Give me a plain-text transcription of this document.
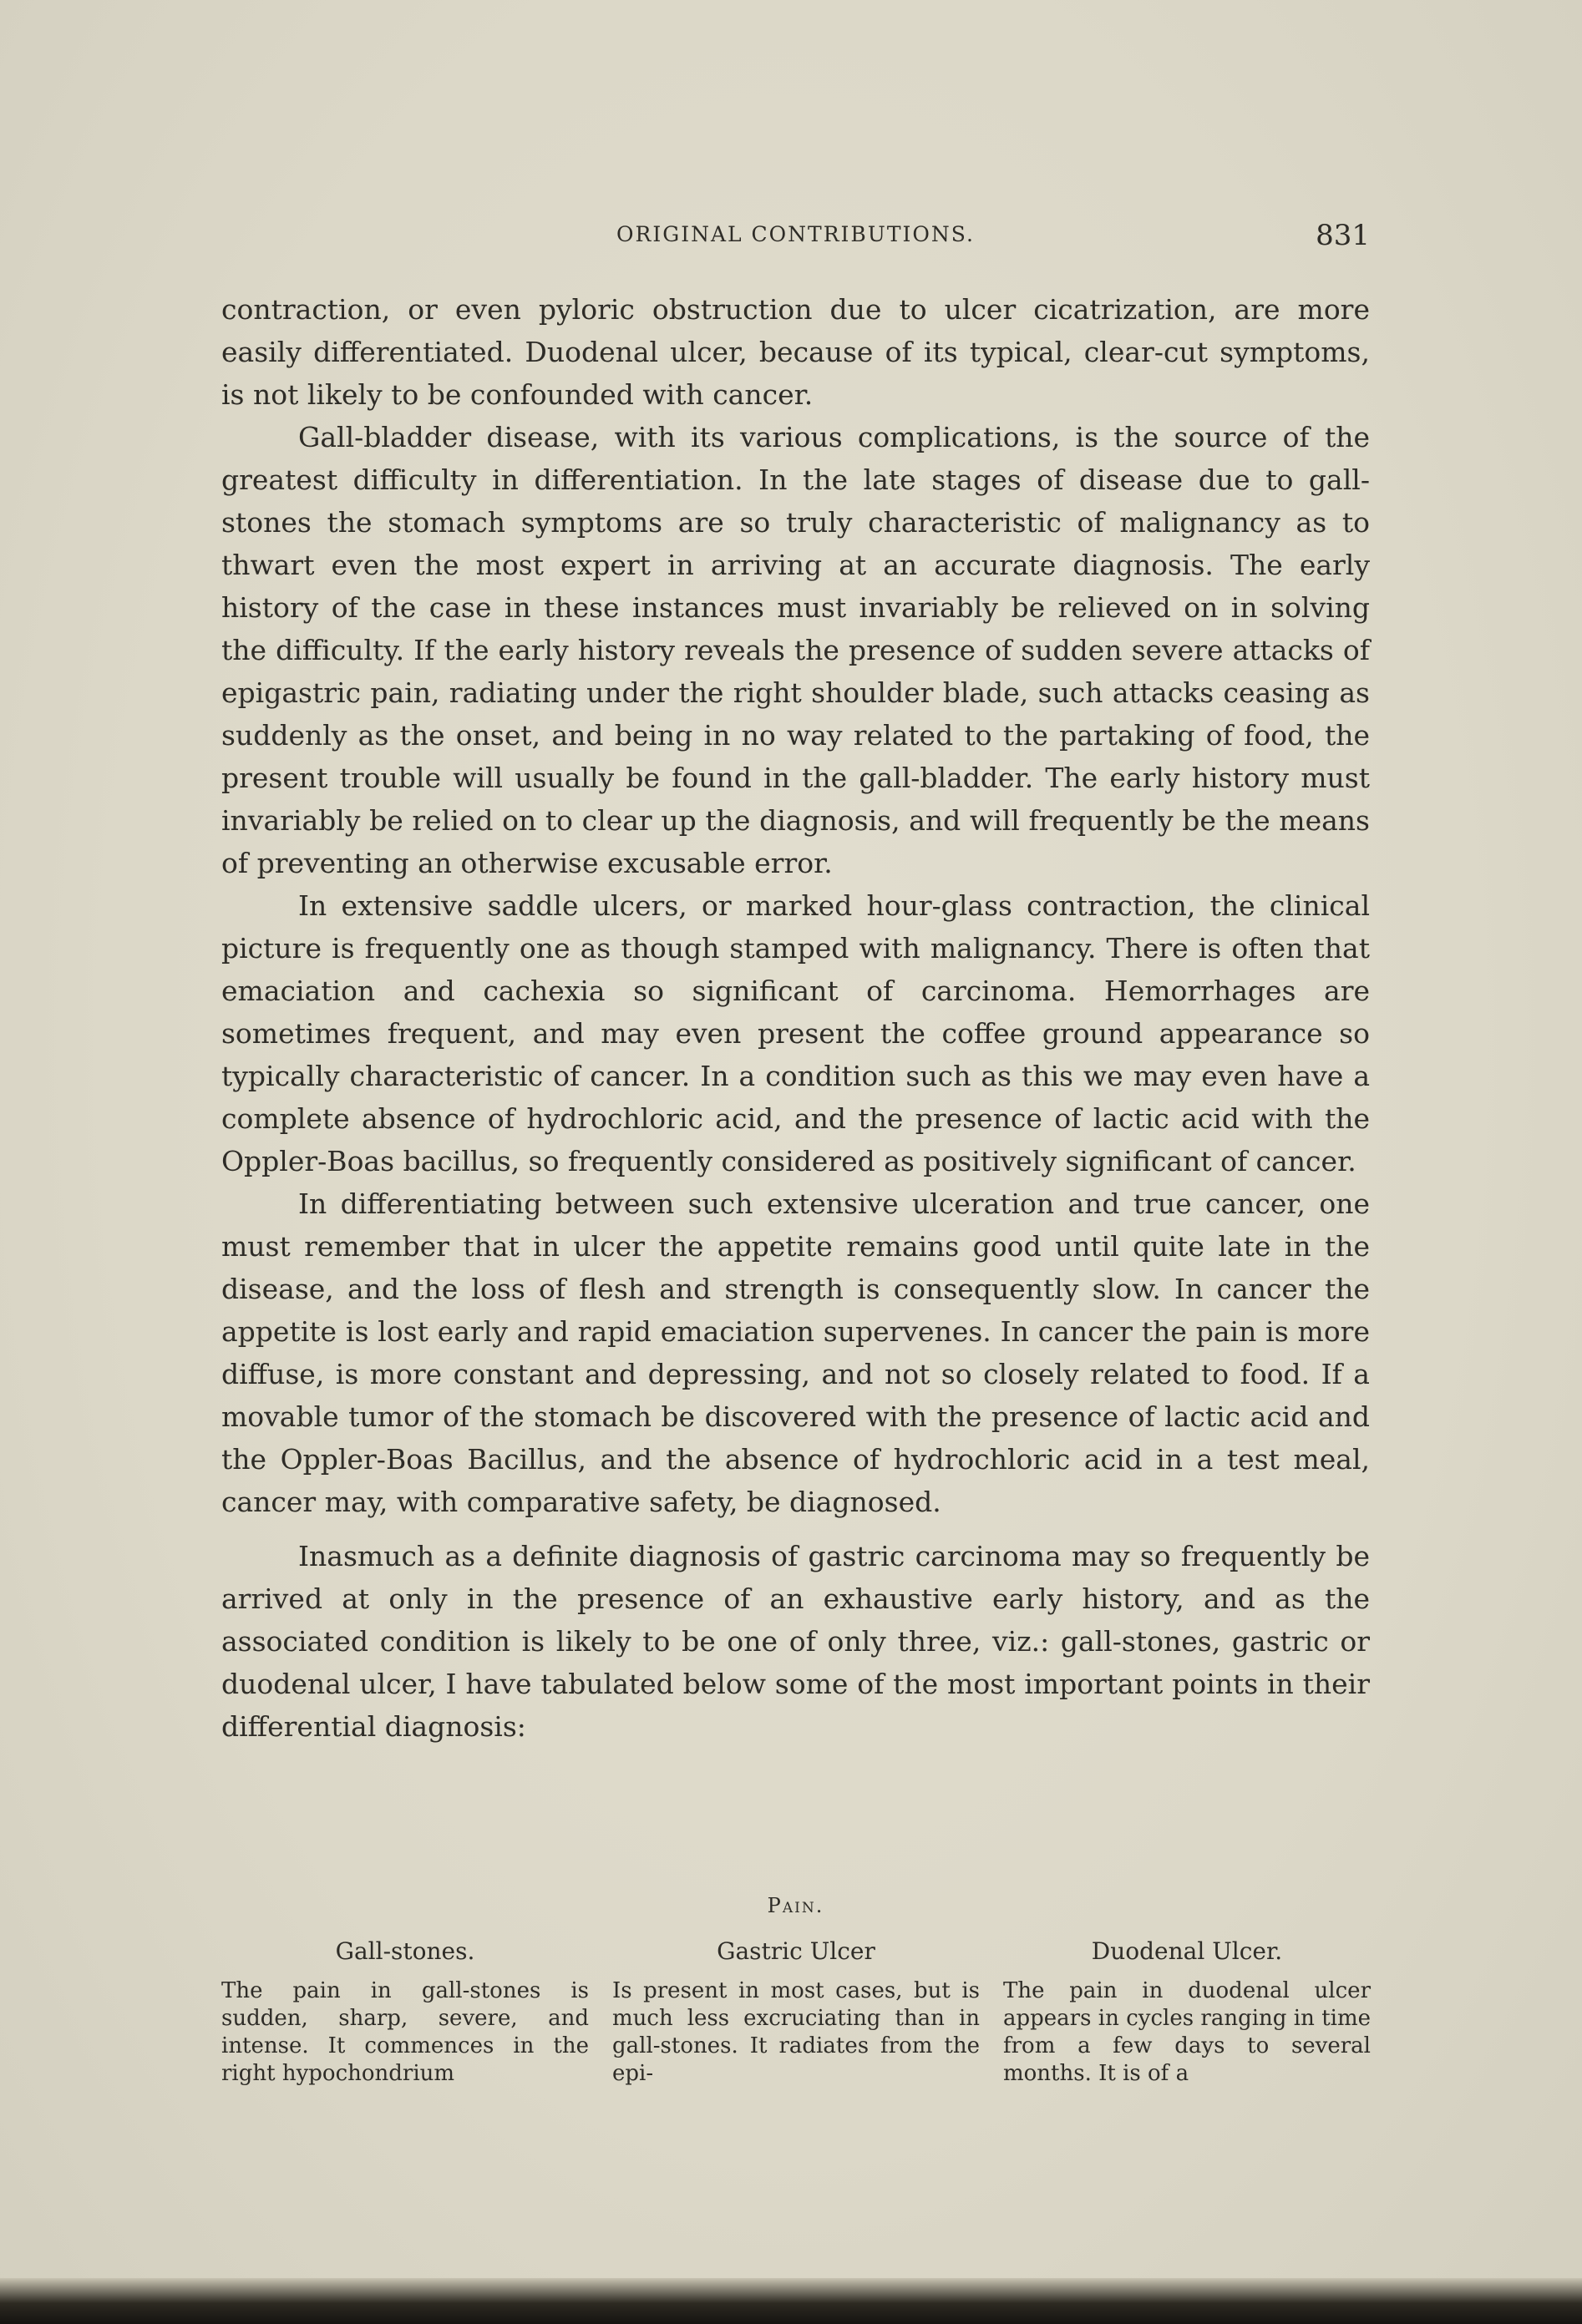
ORIGINAL CONTRIBUTIONS.	831

contraction, or even pyloric obstruction due to ulcer cicatrization, are more easily differentiated. Duodenal ulcer, because of its typical, clear-cut symptoms, is not likely to be confounded with cancer.

Gall-bladder disease, with its various complications, is the source of the greatest difficulty in differentiation. In the late stages of disease due to gall-stones the stomach symptoms are so truly characteristic of malignancy as to thwart even the most expert in arriving at an accurate diagnosis. The early history of the case in these instances must invariably be relieved on in solving the difficulty. If the early history reveals the presence of sudden severe attacks of epigastric pain, radiating under the right shoulder blade, such attacks ceasing as suddenly as the onset, and being in no way related to the partaking of food, the present trouble will usually be found in the gall-bladder. The early history must invariably be relied on to clear up the diagnosis, and will frequently be the means of preventing an otherwise excusable error.

In extensive saddle ulcers, or marked hour-glass contraction, the clinical picture is frequently one as though stamped with malignancy. There is often that emaciation and cachexia so significant of carcinoma. Hemorrhages are sometimes frequent, and may even present the coffee ground appearance so typically characteristic of cancer. In a condition such as this we may even have a complete absence of hydrochloric acid, and the presence of lactic acid with the Oppler-Boas bacillus, so frequently considered as positively significant of cancer.

In differentiating between such extensive ulceration and true cancer, one must remember that in ulcer the appetite remains good until quite late in the disease, and the loss of flesh and strength is consequently slow. In cancer the appetite is lost early and rapid emaciation supervenes. In cancer the pain is more diffuse, is more constant and depressing, and not so closely related to food. If a movable tumor of the stomach be discovered with the presence of lactic acid and the Oppler-Boas Bacillus, and the absence of hydrochloric acid in a test meal, cancer may, with comparative safety, be diagnosed.

Inasmuch as a definite diagnosis of gastric carcinoma may so frequently be arrived at only in the presence of an exhaustive early history, and as the associated condition is likely to be one of only three, viz.: gall-stones, gastric or duodenal ulcer, I have tabulated below some of the most important points in their differential diagnosis:

Pain.
Gall-stones.
The pain in gall-stones is sudden, sharp, severe, and intense. It commences in the right hypochondrium
Gastric Ulcer
Is present in most cases, but is much less excruciating than in gall-stones. It radiates from the epi-
Duodenal Ulcer.
The pain in duodenal ulcer appears in cycles ranging in time from a few days to several months. It is of a
